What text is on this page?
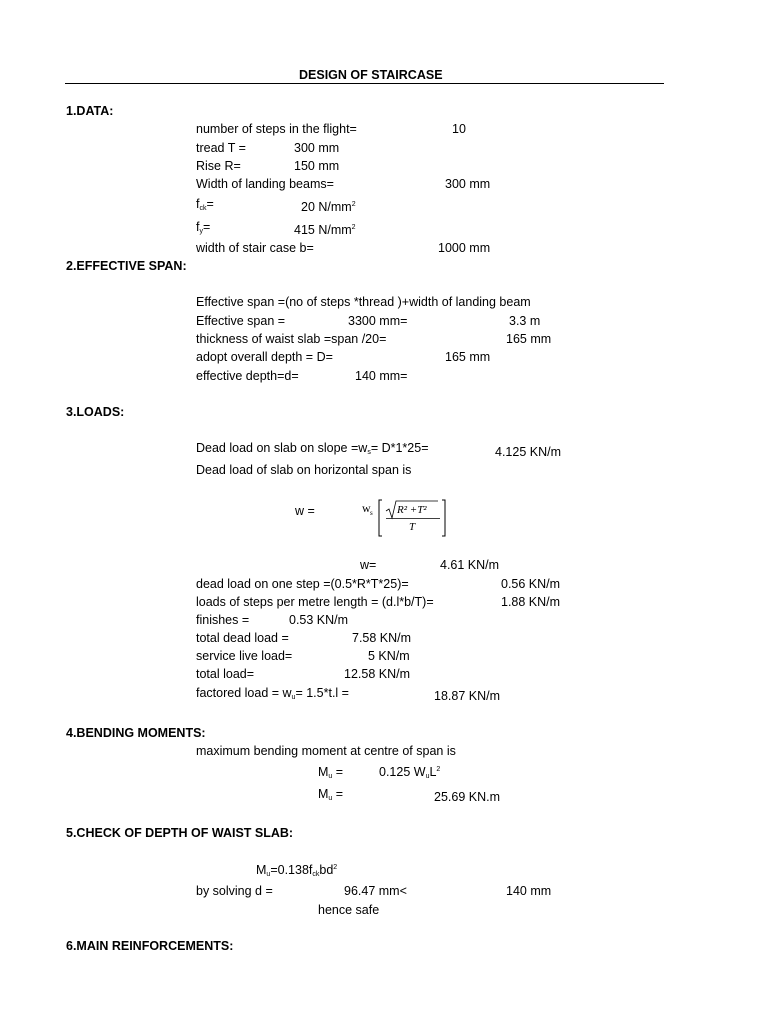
DESIGN OF STAIRCASE
1.DATA:
number of steps in the flight=	10
tread T =	300 mm
Rise R=	150 mm
Width of landing beams=	300 mm
$f_{ck}=$	20 $N/mm^2$
$f_y=$	415 $N/mm^2$
width of stair case b=	1000 mm
2.EFFECTIVE SPAN:
Effective span =(no of steps *thread )+width of landing beam
Effective span =	3300 mm=	3.3 m
thickness of waist slab =span /20=	165 mm
adopt overall depth = D=	165 mm
effective depth=d=	140 mm=
3.LOADS:
Dead load on slab on slope $=w_s= D*1*25=$	4.125 KN/m
Dead load of slab on horizontal span is
w =	w s R² +T²
T
w=	4.61 KN/m
dead load on one step =(0.5*R*T*25)=	0.56 KN/m
loads of steps per metre length = (d.l*b/T)=	1.88 KN/m
finishes =	0.53 KN/m
total dead load =	7.58 KN/m
service live load=	5 KN/m
total load=	12.58 KN/m
factored load = $w_u= 1.5*t.l$ =	18.87 KN/m
4.BENDING MOMENTS:
maximum bending moment at centre of span is
$M_u$ =	0.125 $W_uL^2$
$M_u$ =	25.69 KN.m
5.CHECK OF DEPTH OF WAIST SLAB:
$M_u=0.138f_{ck}bd^2$
by solving d =	96.47 mm<	140 mm
hence safe
6.MAIN REINFORCEMENTS:
